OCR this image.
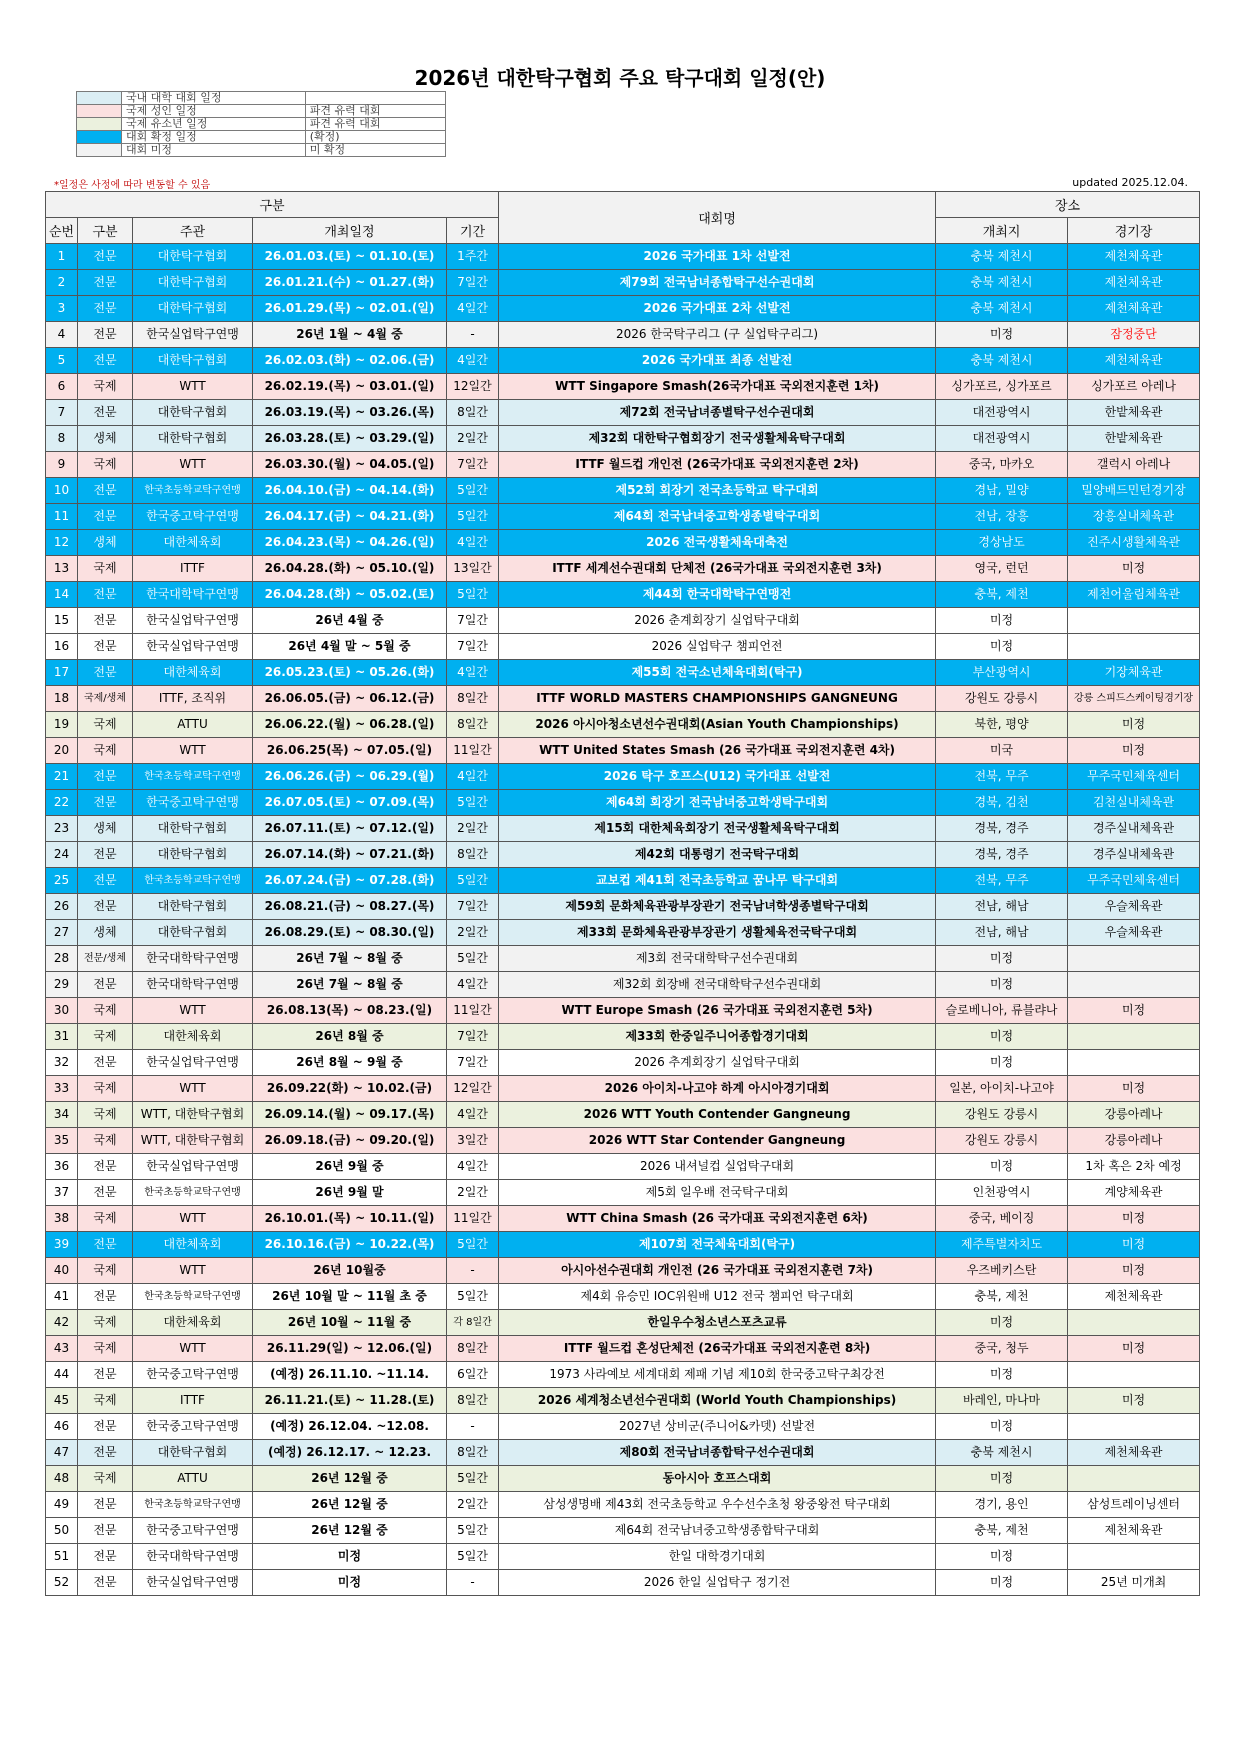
2026년 대한탁구협회 주요 탁구대회 일정(안)
	국내 대학 대회 일정	
	국제 성인 일정	파견 유력 대회
	국제 유소년 일정	파견 유력 대회
	대회 확정 일정	(확정)
	대회 미정	미 확정
*일정은 사정에 따라 변동할 수 있음	updated 2025.12.04.
구분					대회명	장소	
순번	구분	주관	개최일정	기간		개최지	경기장
1	전문	대한탁구협회	26.01.03.(토) ~ 01.10.(토)	1주간	2026 국가대표 1차 선발전	충북 제천시	제천체육관
2	전문	대한탁구협회	26.01.21.(수) ~ 01.27.(화)	7일간	제79회 전국남녀종합탁구선수권대회	충북 제천시	제천체육관
3	전문	대한탁구협회	26.01.29.(목) ~ 02.01.(일)	4일간	2026 국가대표 2차 선발전	충북 제천시	제천체육관
4	전문	한국실업탁구연맹	26년 1월 ~ 4월 중	-	2026 한국탁구리그 (구 실업탁구리그)	미정	잠정중단
5	전문	대한탁구협회	26.02.03.(화) ~ 02.06.(금)	4일간	2026 국가대표 최종 선발전	충북 제천시	제천체육관
6	국제	WTT	26.02.19.(목) ~ 03.01.(일)	12일간	WTT Singapore Smash(26국가대표 국외전지훈련 1차)	싱가포르, 싱가포르	싱가포르 아레나
7	전문	대한탁구협회	26.03.19.(목) ~ 03.26.(목)	8일간	제72회 전국남녀종별탁구선수권대회	대전광역시	한밭체육관
8	생체	대한탁구협회	26.03.28.(토) ~ 03.29.(일)	2일간	제32회 대한탁구협회장기 전국생활체육탁구대회	대전광역시	한밭체육관
9	국제	WTT	26.03.30.(월) ~ 04.05.(일)	7일간	ITTF 월드컵 개인전 (26국가대표 국외전지훈련 2차)	중국, 마카오	갤럭시 아레나
10	전문	한국초등학교탁구연맹	26.04.10.(금) ~ 04.14.(화)	5일간	제52회 회장기 전국초등학교 탁구대회	경남, 밀양	밀양배드민턴경기장
11	전문	한국중고탁구연맹	26.04.17.(금) ~ 04.21.(화)	5일간	제64회 전국남녀중고학생종별탁구대회	전남, 장흥	장흥실내체육관
12	생체	대한체육회	26.04.23.(목) ~ 04.26.(일)	4일간	2026 전국생활체육대축전	경상남도	진주시생활체육관
13	국제	ITTF	26.04.28.(화) ~ 05.10.(일)	13일간	ITTF 세계선수권대회 단체전 (26국가대표 국외전지훈련 3차)	영국, 런던	미정
14	전문	한국대학탁구연맹	26.04.28.(화) ~ 05.02.(토)	5일간	제44회 한국대학탁구연맹전	충북, 제천	제천어울림체육관
15	전문	한국실업탁구연맹	26년 4월 중	7일간	2026 춘계회장기 실업탁구대회	미정	
16	전문	한국실업탁구연맹	26년 4월 말 ~ 5월 중	7일간	2026 실업탁구 챔피언전	미정	
17	전문	대한체육회	26.05.23.(토) ~ 05.26.(화)	4일간	제55회 전국소년체육대회(탁구)	부산광역시	기장체육관
18	국제/생체	ITTF, 조직위	26.06.05.(금) ~ 06.12.(금)	8일간	ITTF WORLD MASTERS CHAMPIONSHIPS GANGNEUNG	강원도 강릉시	강릉 스피드스케이팅경기장
19	국제	ATTU	26.06.22.(월) ~ 06.28.(일)	8일간	2026 아시아청소년선수권대회(Asian Youth Championships)	북한, 평양	미정
20	국제	WTT	26.06.25(목) ~ 07.05.(일)	11일간	WTT United States Smash (26 국가대표 국외전지훈련 4차)	미국	미정
21	전문	한국초등학교탁구연맹	26.06.26.(금) ~ 06.29.(월)	4일간	2026 탁구 호프스(U12) 국가대표 선발전	전북, 무주	무주국민체육센터
22	전문	한국중고탁구연맹	26.07.05.(토) ~ 07.09.(목)	5일간	제64회 회장기 전국남녀중고학생탁구대회	경북, 김천	김천실내체육관
23	생체	대한탁구협회	26.07.11.(토) ~ 07.12.(일)	2일간	제15회 대한체육회장기 전국생활체육탁구대회	경북, 경주	경주실내체육관
24	전문	대한탁구협회	26.07.14.(화) ~ 07.21.(화)	8일간	제42회 대통령기 전국탁구대회	경북, 경주	경주실내체육관
25	전문	한국초등학교탁구연맹	26.07.24.(금) ~ 07.28.(화)	5일간	교보컵 제41회 전국초등학교 꿈나무 탁구대회	전북, 무주	무주국민체육센터
26	전문	대한탁구협회	26.08.21.(금) ~ 08.27.(목)	7일간	제59회 문화체육관광부장관기 전국남녀학생종별탁구대회	전남, 해남	우슬체육관
27	생체	대한탁구협회	26.08.29.(토) ~ 08.30.(일)	2일간	제33회 문화체육관광부장관기 생활체육전국탁구대회	전남, 해남	우슬체육관
28	전문/생체	한국대학탁구연맹	26년 7월 ~ 8월 중	5일간	제3회 전국대학탁구선수권대회	미정	
29	전문	한국대학탁구연맹	26년 7월 ~ 8월 중	4일간	제32회 회장배 전국대학탁구선수권대회	미정	
30	국제	WTT	26.08.13(목) ~ 08.23.(일)	11일간	WTT Europe Smash (26 국가대표 국외전지훈련 5차)	슬로베니아, 류블랴나	미정
31	국제	대한체육회	26년 8월 중	7일간	제33회 한중일주니어종합경기대회	미정	
32	전문	한국실업탁구연맹	26년 8월 ~ 9월 중	7일간	2026 추계회장기 실업탁구대회	미정	
33	국제	WTT	26.09.22(화) ~ 10.02.(금)	12일간	2026 아이치-나고야 하계 아시아경기대회	일본, 아이치-나고야	미정
34	국제	WTT, 대한탁구협회	26.09.14.(월) ~ 09.17.(목)	4일간	2026 WTT Youth Contender Gangneung	강원도 강릉시	강릉아레나
35	국제	WTT, 대한탁구협회	26.09.18.(금) ~ 09.20.(일)	3일간	2026 WTT Star Contender Gangneung	강원도 강릉시	강릉아레나
36	전문	한국실업탁구연맹	26년 9월 중	4일간	2026 내셔널컵 실업탁구대회	미정	1차 혹은 2차 예정
37	전문	한국초등학교탁구연맹	26년 9월 말	2일간	제5회 일우배 전국탁구대회	인천광역시	계양체육관
38	국제	WTT	26.10.01.(목) ~ 10.11.(일)	11일간	WTT China Smash (26 국가대표 국외전지훈련 6차)	중국, 베이징	미정
39	전문	대한체육회	26.10.16.(금) ~ 10.22.(목)	5일간	제107회 전국체육대회(탁구)	제주특별자치도	미정
40	국제	WTT	26년 10월중	-	아시아선수권대회 개인전 (26 국가대표 국외전지훈련 7차)	우즈베키스탄	미정
41	전문	한국초등학교탁구연맹	26년 10월 말 ~ 11월 초 중	5일간	제4회 유승민 IOC위원배 U12 전국 챔피언 탁구대회	충북, 제천	제천체육관
42	국제	대한체육회	26년 10월 ~ 11월 중	각 8일간	한일우수청소년스포츠교류	미정	
43	국제	WTT	26.11.29(일) ~ 12.06.(일)	8일간	ITTF 월드컵 혼성단체전 (26국가대표 국외전지훈련 8차)	중국, 청두	미정
44	전문	한국중고탁구연맹	(예정) 26.11.10. ~11.14.	6일간	1973 사라예보 세계대회 제패 기념 제10회 한국중고탁구최강전	미정	
45	국제	ITTF	26.11.21.(토) ~ 11.28.(토)	8일간	2026 세계청소년선수권대회 (World Youth Championships)	바레인, 마나마	미정
46	전문	한국중고탁구연맹	(예정) 26.12.04. ~12.08.	-	2027년 상비군(주니어&카뎃) 선발전	미정	
47	전문	대한탁구협회	(예정) 26.12.17. ~ 12.23.	8일간	제80회 전국남녀종합탁구선수권대회	충북 제천시	제천체육관
48	국제	ATTU	26년 12월 중	5일간	동아시아 호프스대회	미정	
49	전문	한국초등학교탁구연맹	26년 12월 중	2일간	삼성생명배 제43회 전국초등학교 우수선수초청 왕중왕전 탁구대회	경기, 용인	삼성트레이닝센터
50	전문	한국중고탁구연맹	26년 12월 중	5일간	제64회 전국남녀중고학생종합탁구대회	충북, 제천	제천체육관
51	전문	한국대학탁구연맹	미정	5일간	한일 대학경기대회	미정	
52	전문	한국실업탁구연맹	미정	-	2026 한일 실업탁구 정기전	미정	25년 미개최
